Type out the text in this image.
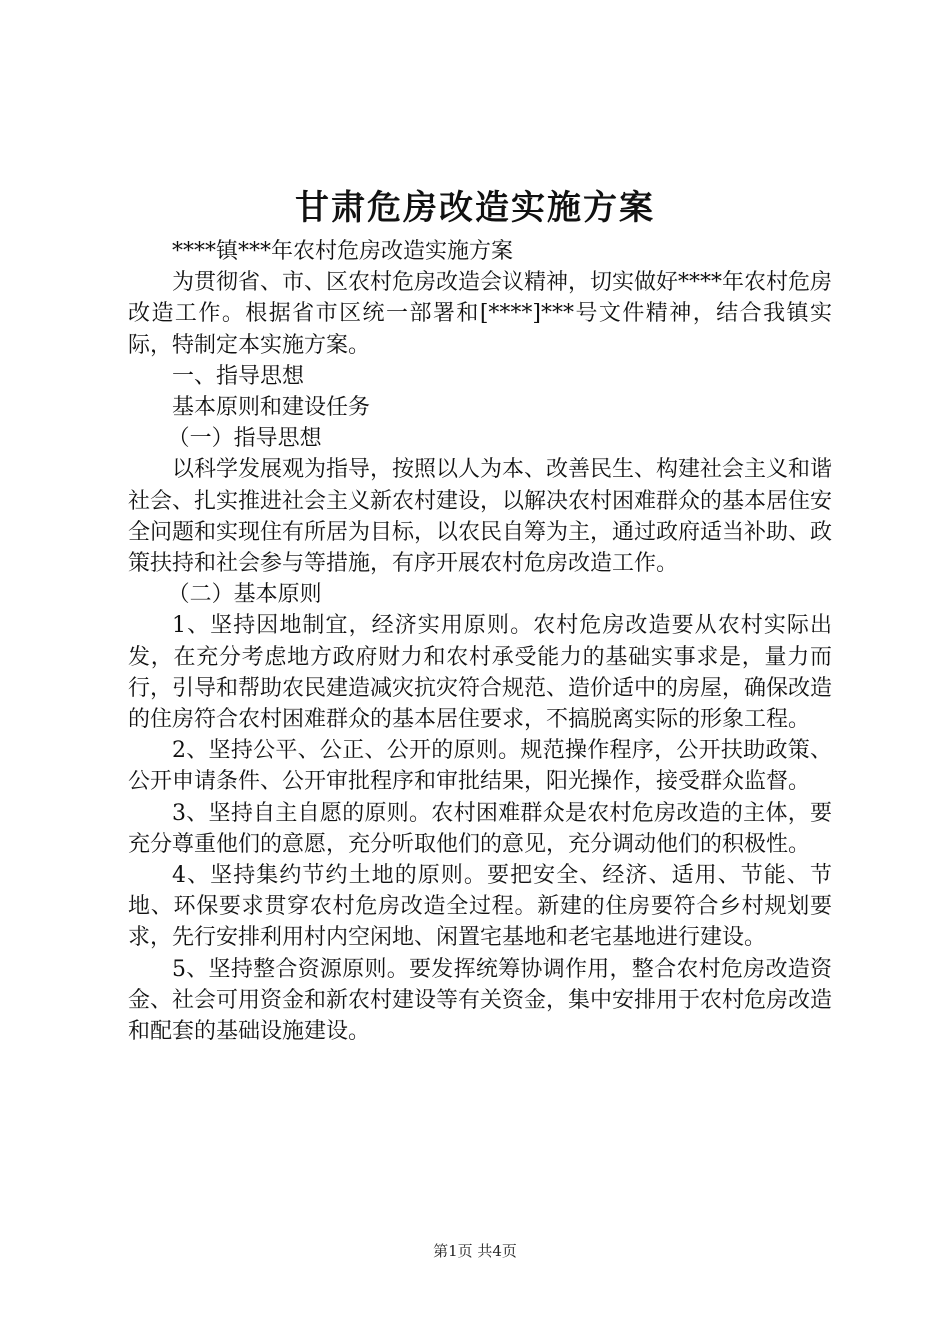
甘肃危房改造实施方案

****镇***年农村危房改造实施方案

为贯彻省、市、区农村危房改造会议精神，切实做好****年农村危房改造工作。根据省市区统一部署和[****]***号文件精神，结合我镇实际，特制定本实施方案。

一、指导思想

基本原则和建设任务

（一）指导思想

以科学发展观为指导，按照以人为本、改善民生、构建社会主义和谐社会、扎实推进社会主义新农村建设，以解决农村困难群众的基本居住安全问题和实现住有所居为目标，以农民自筹为主，通过政府适当补助、政策扶持和社会参与等措施，有序开展农村危房改造工作。

（二）基本原则

1、坚持因地制宜，经济实用原则。农村危房改造要从农村实际出发，在充分考虑地方政府财力和农村承受能力的基础实事求是，量力而行，引导和帮助农民建造减灾抗灾符合规范、造价适中的房屋，确保改造的住房符合农村困难群众的基本居住要求，不搞脱离实际的形象工程。

2、坚持公平、公正、公开的原则。规范操作程序，公开扶助政策、公开申请条件、公开审批程序和审批结果，阳光操作，接受群众监督。

3、坚持自主自愿的原则。农村困难群众是农村危房改造的主体，要充分尊重他们的意愿，充分听取他们的意见，充分调动他们的积极性。

4、坚持集约节约土地的原则。要把安全、经济、适用、节能、节地、环保要求贯穿农村危房改造全过程。新建的住房要符合乡村规划要求，先行安排利用村内空闲地、闲置宅基地和老宅基地进行建设。

5、坚持整合资源原则。要发挥统筹协调作用，整合农村危房改造资金、社会可用资金和新农村建设等有关资金，集中安排用于农村危房改造和配套的基础设施建设。

第1页 共4页
